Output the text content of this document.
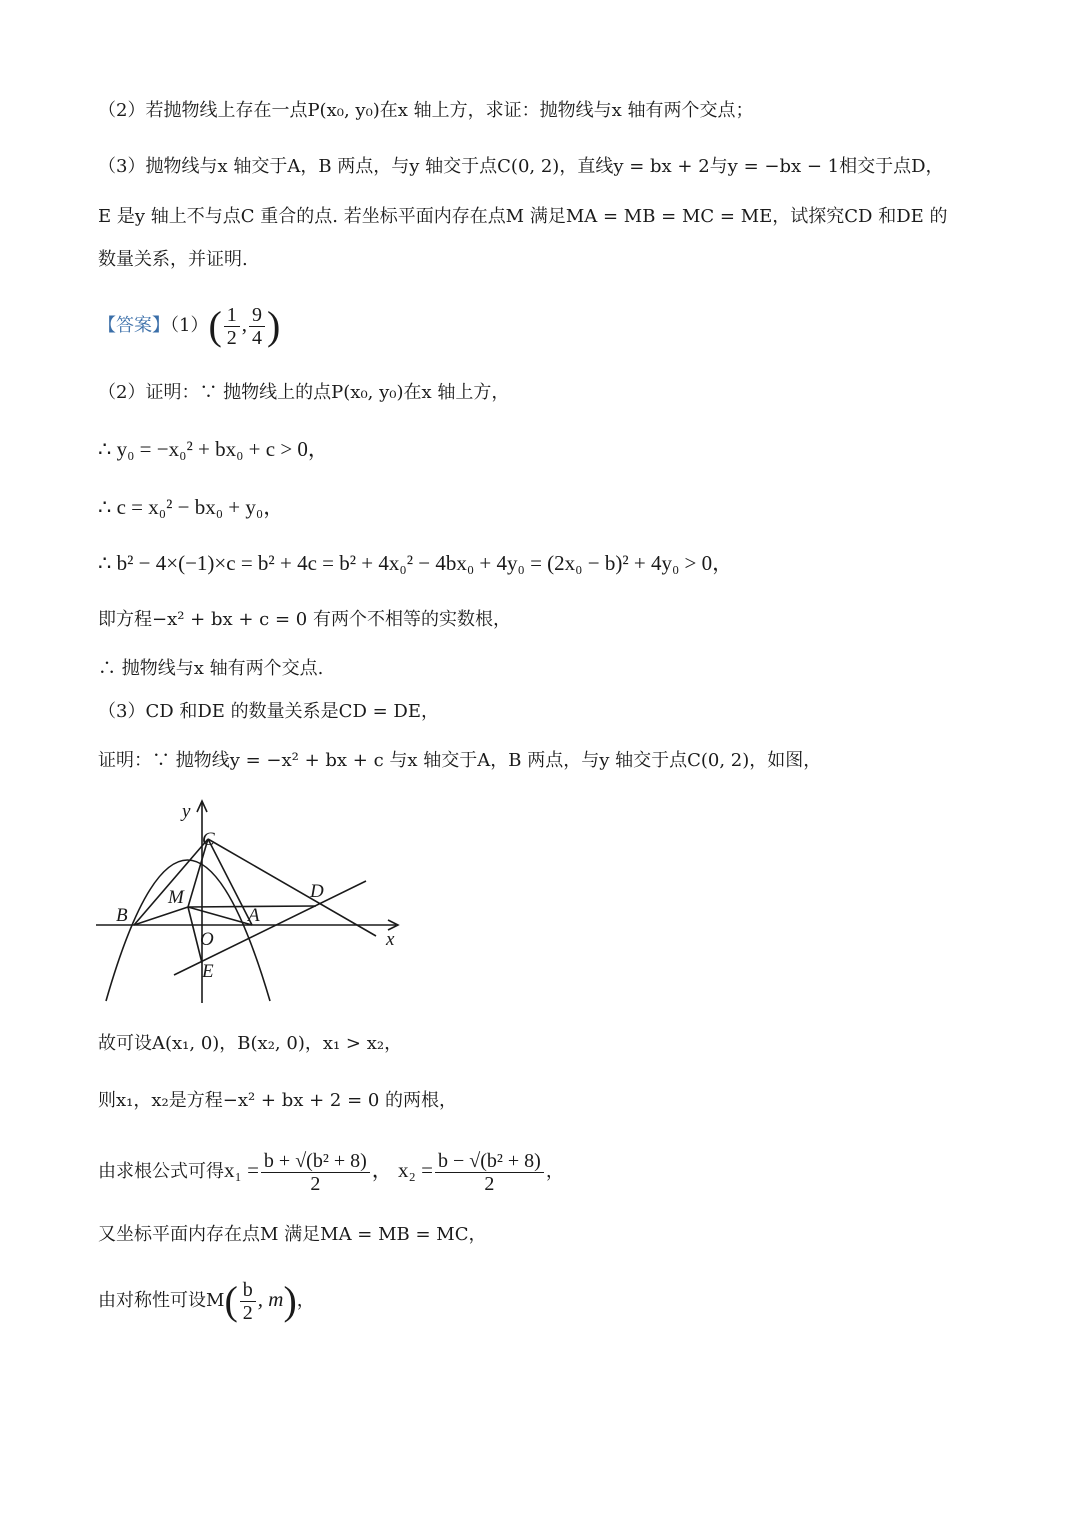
（2）若抛物线上存在一点P(x₀, y₀)在x 轴上方，求证：抛物线与x 轴有两个交点；
（3）抛物线与x 轴交于A，B 两点，与y 轴交于点C(0, 2)，直线y = bx + 2与y = −bx − 1相交于点D，
E 是y 轴上不与点C 重合的点. 若坐标平面内存在点M 满足MA = MB = MC = ME，试探究CD 和DE 的
数量关系，并证明.
【答案】$(1)( \frac{1}{2}$ , $\frac{9}{4}$ )
（2）证明：∵ 抛物线上的点P(x₀, y₀)在x 轴上方，
∴ y₀ = −x₀² + bx₀ + c > 0，
∴ c = x₀² − bx₀ + y₀，
∴ b² − 4×(−1)×c = b² + 4c = b² + 4x₀² − 4bx₀ + 4y₀ = (2x₀ − b)² + 4y₀ > 0，
即方程−x² + bx + c = 0 有两个不相等的实数根，
∴ 抛物线与x 轴有两个交点.
（3）CD 和DE 的数量关系是CD = DE，
证明：∵ 抛物线y = −x² + bx + c 与x 轴交于A，B 两点，与y 轴交于点C(0, 2)，如图，
y
C
D
M
B	A
O	x
E
故可设A(x₁, 0)，B(x₂, 0)，x₁ > x₂，
则x₁，x₂是方程−x² + bx + 2 = 0 的两根，
由求根公式可得$x_1 = \frac{\text{b + √(b² + 8)}}{2}$ ， $x_2 = \frac{\text{b − √(b² + 8)}}{2}$ ，
又坐标平面内存在点M 满足MA = MB = MC，
由对称性可设$M( \frac{b}{2}$ , m)，
